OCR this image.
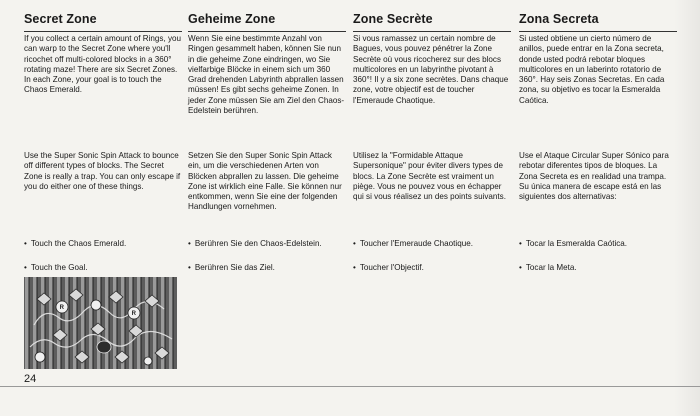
Secret Zone

If you collect a certain amount of Rings, you can warp to the Secret Zone where you'll ricochet off multi-colored blocks in a 360° rotating maze! There are six Secret Zones. In each Zone, your goal is to touch the Chaos Emerald.

Use the Super Sonic Spin Attack to bounce off different types of blocks. The Secret Zone is really a trap. You can only escape if you do either one of these things.

• Touch the Chaos Emerald.
• Touch the Goal.
Geheime Zone

Wenn Sie eine bestimmte Anzahl von Ringen gesammelt haben, können Sie nun in die geheime Zone eindringen, wo Sie vielfarbige Blöcke in einem sich um 360 Grad drehenden Labyrinth abprallen lassen müssen! Es gibt sechs geheime Zonen. In jeder Zone müssen Sie am Ziel den Chaos-Edelstein berühren.

Setzen Sie den Super Sonic Spin Attack ein, um die verschiedenen Arten von Blöcken abprallen zu lassen. Die geheime Zone ist wirklich eine Falle. Sie können nur entkommen, wenn Sie eine der folgenden Handlungen vornehmen.

• Berühren Sie den Chaos-Edelstein.
• Berühren Sie das Ziel.
Zone Secrète

Si vous ramassez un certain nombre de Bagues, vous pouvez pénétrer la Zone Secrète où vous ricocherez sur des blocs multicolores en un labyrinthe pivotant à 360°! Il y a six zone secrètes. Dans chaque zone, votre objectif est de toucher l'Emeraude Chaotique.

Utilisez la "Formidable Attaque Supersonique" pour éviter divers types de blocs. La Zone Secrète est vraiment un piège. Vous ne pouvez vous en échapper qui si vous réalisez un des points suivants.

• Toucher l'Emeraude Chaotique.
• Toucher l'Objectif.
Zona Secreta

Si usted obtiene un cierto número de anillos, puede entrar en la Zona secreta, donde usted podrá rebotar bloques multicolores en un laberinto rotatorio de 360°. Hay seis Zonas Secretas. En cada zona, su objetivo es tocar la Esmeralda Caótica.

Use el Ataque Circular Super Sónico para rebotar diferentes tipos de bloques. La Zona Secreta es en realidad una trampa. Su única manera de escape está en las siguientes dos alternativas:

• Tocar la Esmeralda Caótica.
• Tocar la Meta.
R
R
24
